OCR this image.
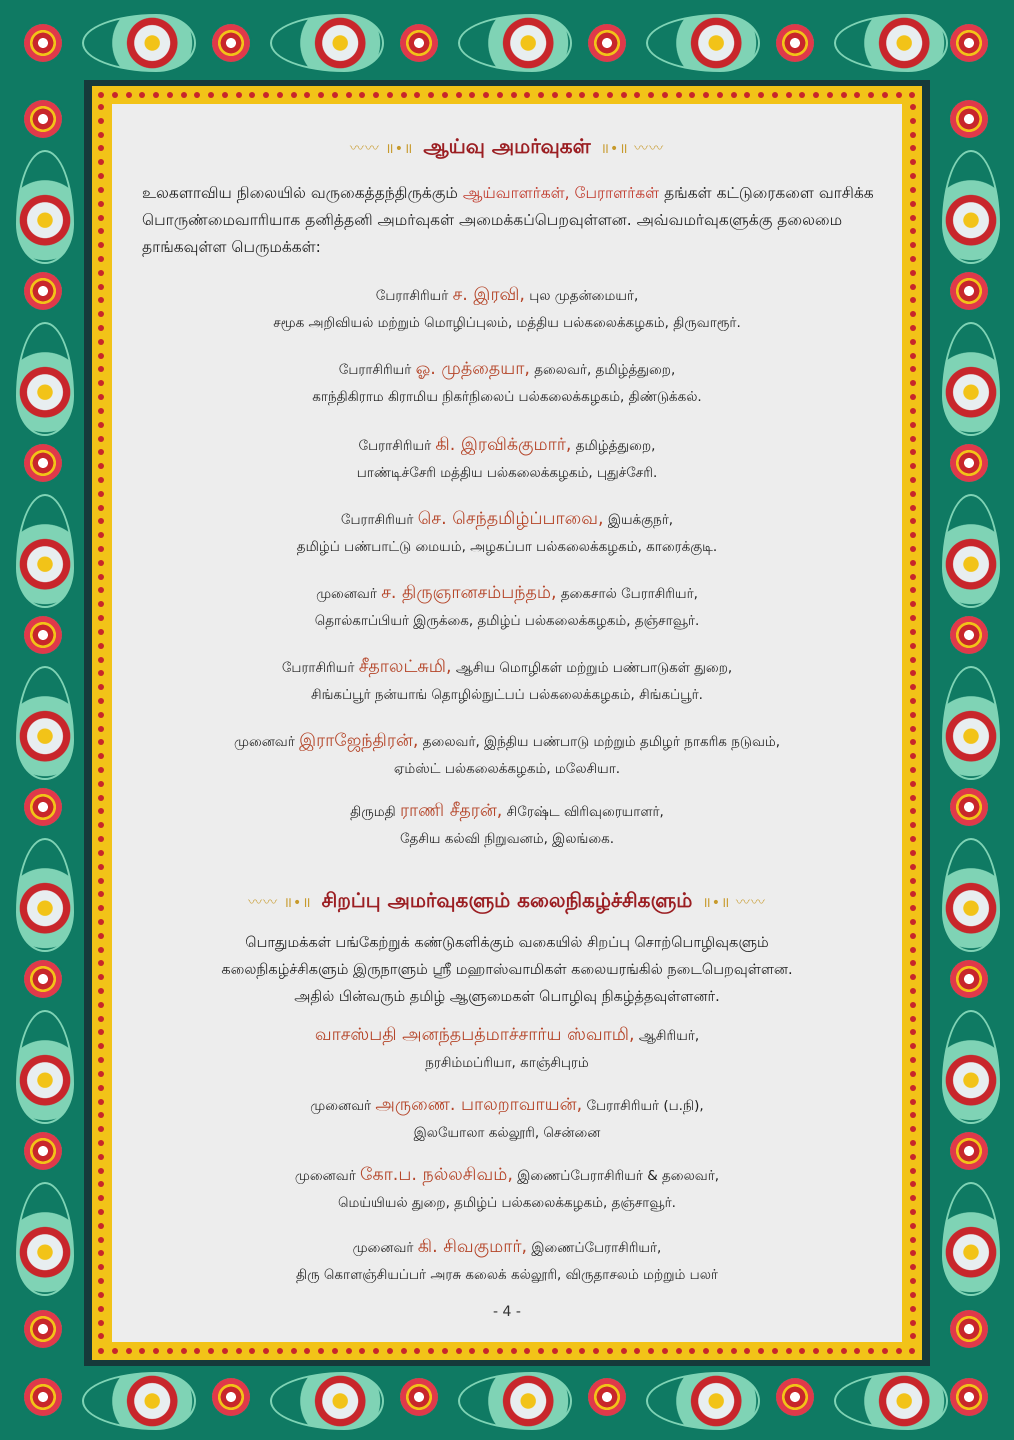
〰〰 ॥•॥ ஆய்வு அமர்வுகள் ॥•॥ 〰〰
உலகளாவிய நிலையில் வருகைத்தந்திருக்கும் ஆய்வாளர்கள், பேராளர்கள் தங்கள் கட்டுரைகளை வாசிக்க பொருண்மைவாரியாக தனித்தனி அமர்வுகள் அமைக்கப்பெறவுள்ளன. அவ்வமர்வுகளுக்கு தலைமை தாங்கவுள்ள பெருமக்கள்:
பேராசிரியர் ச. இரவி, புல முதன்மையர்,
சமூக அறிவியல் மற்றும் மொழிப்புலம், மத்திய பல்கலைக்கழகம், திருவாரூர்.
பேராசிரியர் ஓ. முத்தையா, தலைவர், தமிழ்த்துறை,
காந்திகிராம கிராமிய நிகர்நிலைப் பல்கலைக்கழகம், திண்டுக்கல்.
பேராசிரியர் கி. இரவிக்குமார், தமிழ்த்துறை,
பாண்டிச்சேரி மத்திய பல்கலைக்கழகம், புதுச்சேரி.
பேராசிரியர் செ. செந்தமிழ்ப்பாவை, இயக்குநர்,
தமிழ்ப் பண்பாட்டு மையம், அழகப்பா பல்கலைக்கழகம், காரைக்குடி.
முனைவர் ச. திருஞானசம்பந்தம், தகைசால் பேராசிரியர்,
தொல்காப்பியர் இருக்கை, தமிழ்ப் பல்கலைக்கழகம், தஞ்சாவூர்.
பேராசிரியர் சீதாலட்சுமி, ஆசிய மொழிகள் மற்றும் பண்பாடுகள் துறை,
சிங்கப்பூர் நன்யாங் தொழில்நுட்பப் பல்கலைக்கழகம், சிங்கப்பூர்.
முனைவர் இராஜேந்திரன், தலைவர், இந்திய பண்பாடு மற்றும் தமிழர் நாகரிக நடுவம்,
ஏம்ஸ்ட் பல்கலைக்கழகம், மலேசியா.
திருமதி ராணி சீதரன், சிரேஷ்ட விரிவுரையாளர்,
தேசிய கல்வி நிறுவனம், இலங்கை.
〰〰 ॥•॥ சிறப்பு அமர்வுகளும் கலைநிகழ்ச்சிகளும் ॥•॥ 〰〰
பொதுமக்கள் பங்கேற்றுக் கண்டுகளிக்கும் வகையில் சிறப்பு சொற்பொழிவுகளும்
கலைநிகழ்ச்சிகளும் இருநாளும் ஸ்ரீ மஹாஸ்வாமிகள் கலையரங்கில் நடைபெறவுள்ளன.
அதில் பின்வரும் தமிழ் ஆளுமைகள் பொழிவு நிகழ்த்தவுள்ளனர்.
வாசஸ்பதி அனந்தபத்மாச்சார்ய ஸ்வாமி, ஆசிரியர்,
நரசிம்மப்ரியா, காஞ்சிபுரம்
முனைவர் அருணை. பாலறாவாயன், பேராசிரியர் (ப.நி),
இலயோலா கல்லூரி, சென்னை
முனைவர் கோ.ப. நல்லசிவம், இணைப்பேராசிரியர் & தலைவர்,
மெய்யியல் துறை, தமிழ்ப் பல்கலைக்கழகம், தஞ்சாவூர்.
முனைவர் கி. சிவகுமார், இணைப்பேராசிரியர்,
திரு கொளஞ்சியப்பர் அரசு கலைக் கல்லூரி, விருதாசலம் மற்றும் பலர்
- 4 -
